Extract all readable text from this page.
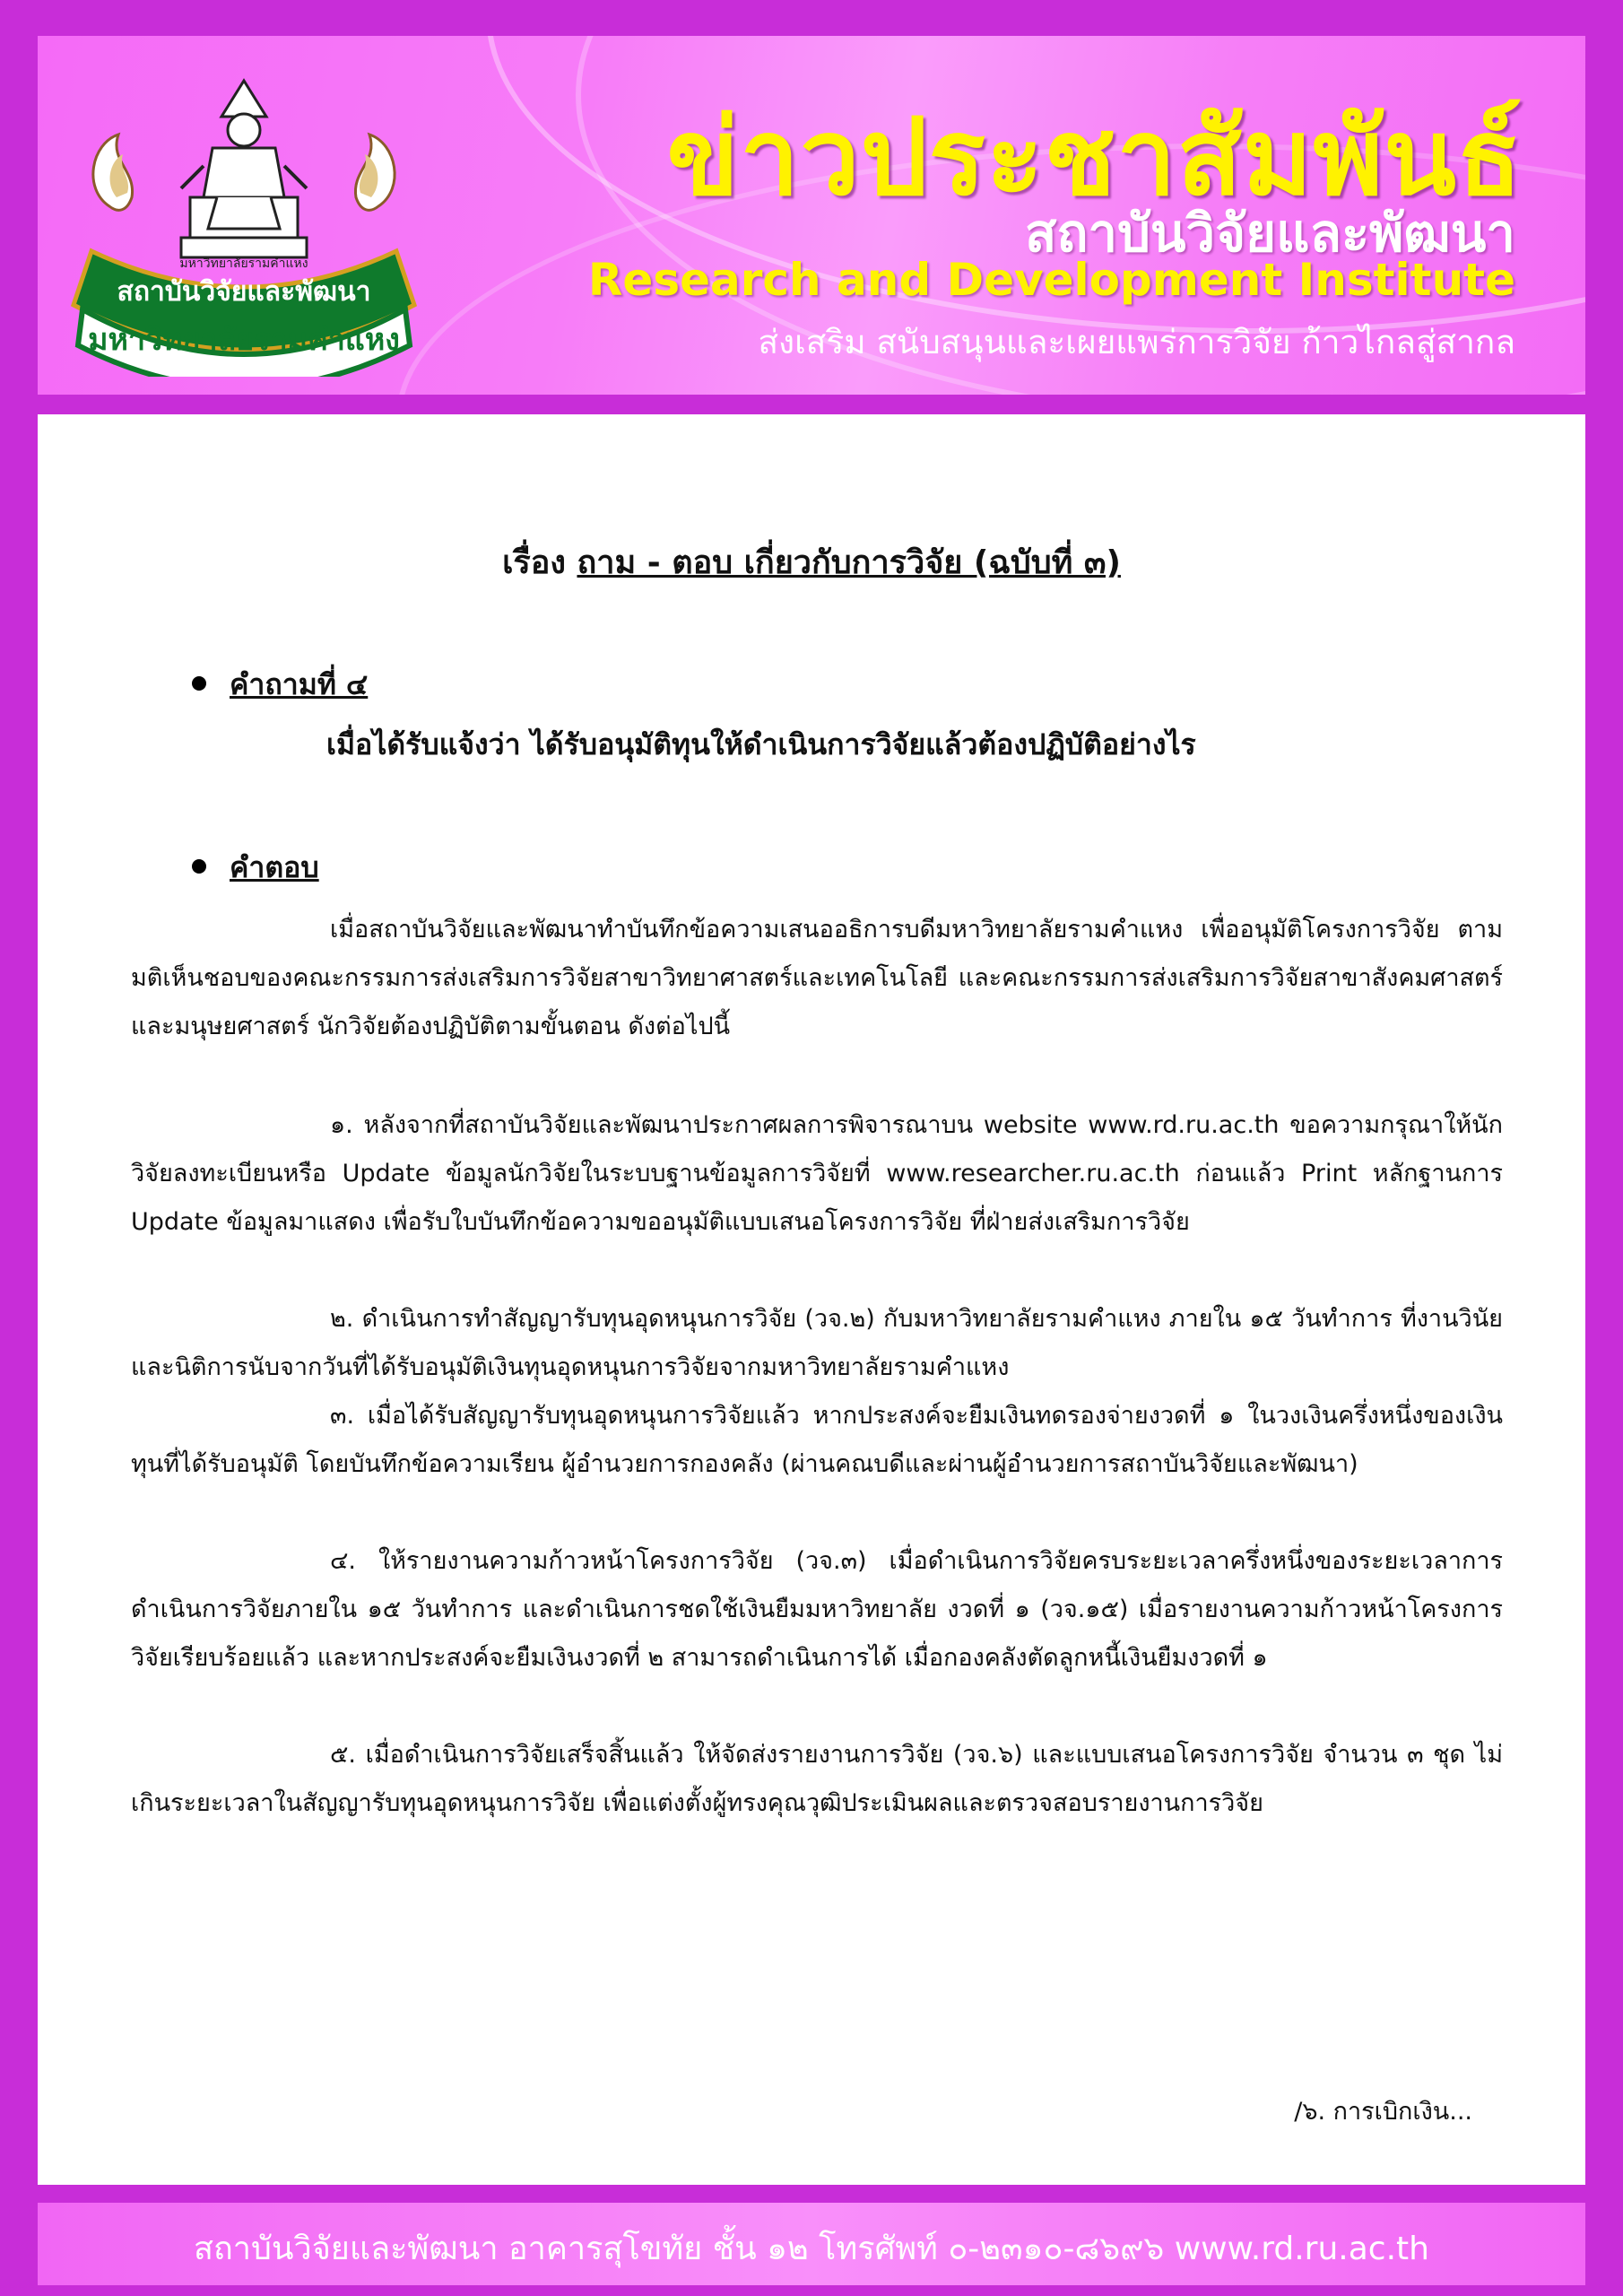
มหาวิทยาลัยรามคำแหง
สถาบันวิจัยและพัฒนา
มหาวิทยาลัยรามคำแหง
ข่าวประชาสัมพันธ์
สถาบันวิจัยและพัฒนา
Research and Development Institute
ส่งเสริม สนับสนุนและเผยแพร่การวิจัย ก้าวไกลสู่สากล
เรื่อง ถาม - ตอบ เกี่ยวกับการวิจัย (ฉบับที่ ๓)
คำถามที่ ๔
เมื่อได้รับแจ้งว่า ได้รับอนุมัติทุนให้ดำเนินการวิจัยแล้วต้องปฏิบัติอย่างไร
คำตอบ

เมื่อสถาบันวิจัยและพัฒนาทำบันทึกข้อความเสนออธิการบดีมหาวิทยาลัยรามคำแหง เพื่ออนุมัติโครงการวิจัย ตามมติเห็นชอบของคณะกรรมการส่งเสริมการวิจัยสาขาวิทยาศาสตร์และเทคโนโลยี และคณะกรรมการส่งเสริมการวิจัยสาขาสังคมศาสตร์และมนุษยศาสตร์ นักวิจัยต้องปฏิบัติตามขั้นตอน ดังต่อไปนี้

๑. หลังจากที่สถาบันวิจัยและพัฒนาประกาศผลการพิจารณาบน website www.rd.ru.ac.th ขอความกรุณาให้นักวิจัยลงทะเบียนหรือ Update ข้อมูลนักวิจัยในระบบฐานข้อมูลการวิจัยที่ www.researcher.ru.ac.th ก่อนแล้ว Print หลักฐานการ Update ข้อมูลมาแสดง เพื่อรับใบบันทึกข้อความขออนุมัติแบบเสนอโครงการวิจัย ที่ฝ่ายส่งเสริมการวิจัย

๒. ดำเนินการทำสัญญารับทุนอุดหนุนการวิจัย (วจ.๒) กับมหาวิทยาลัยรามคำแหง ภายใน ๑๕ วันทำการ ที่งานวินัยและนิติการนับจากวันที่ได้รับอนุมัติเงินทุนอุดหนุนการวิจัยจากมหาวิทยาลัยรามคำแหง

๓. เมื่อได้รับสัญญารับทุนอุดหนุนการวิจัยแล้ว หากประสงค์จะยืมเงินทดรองจ่ายงวดที่ ๑ ในวงเงินครึ่งหนึ่งของเงินทุนที่ได้รับอนุมัติ โดยบันทึกข้อความเรียน ผู้อำนวยการกองคลัง (ผ่านคณบดีและผ่านผู้อำนวยการสถาบันวิจัยและพัฒนา)

๔. ให้รายงานความก้าวหน้าโครงการวิจัย (วจ.๓) เมื่อดำเนินการวิจัยครบระยะเวลาครึ่งหนึ่งของระยะเวลาการดำเนินการวิจัยภายใน ๑๕ วันทำการ และดำเนินการชดใช้เงินยืมมหาวิทยาลัย งวดที่ ๑ (วจ.๑๕) เมื่อรายงานความก้าวหน้าโครงการวิจัยเรียบร้อยแล้ว และหากประสงค์จะยืมเงินงวดที่ ๒ สามารถดำเนินการได้ เมื่อกองคลังตัดลูกหนี้เงินยืมงวดที่ ๑

๕. เมื่อดำเนินการวิจัยเสร็จสิ้นแล้ว ให้จัดส่งรายงานการวิจัย (วจ.๖) และแบบเสนอโครงการวิจัย จำนวน ๓ ชุด ไม่เกินระยะเวลาในสัญญารับทุนอุดหนุนการวิจัย เพื่อแต่งตั้งผู้ทรงคุณวุฒิประเมินผลและตรวจสอบรายงานการวิจัย

/๖. การเบิกเงิน...
สถาบันวิจัยและพัฒนา อาคารสุโขทัย ชั้น ๑๒ โทรศัพท์ ๐-๒๓๑๐-๘๖๙๖ www.rd.ru.ac.th
